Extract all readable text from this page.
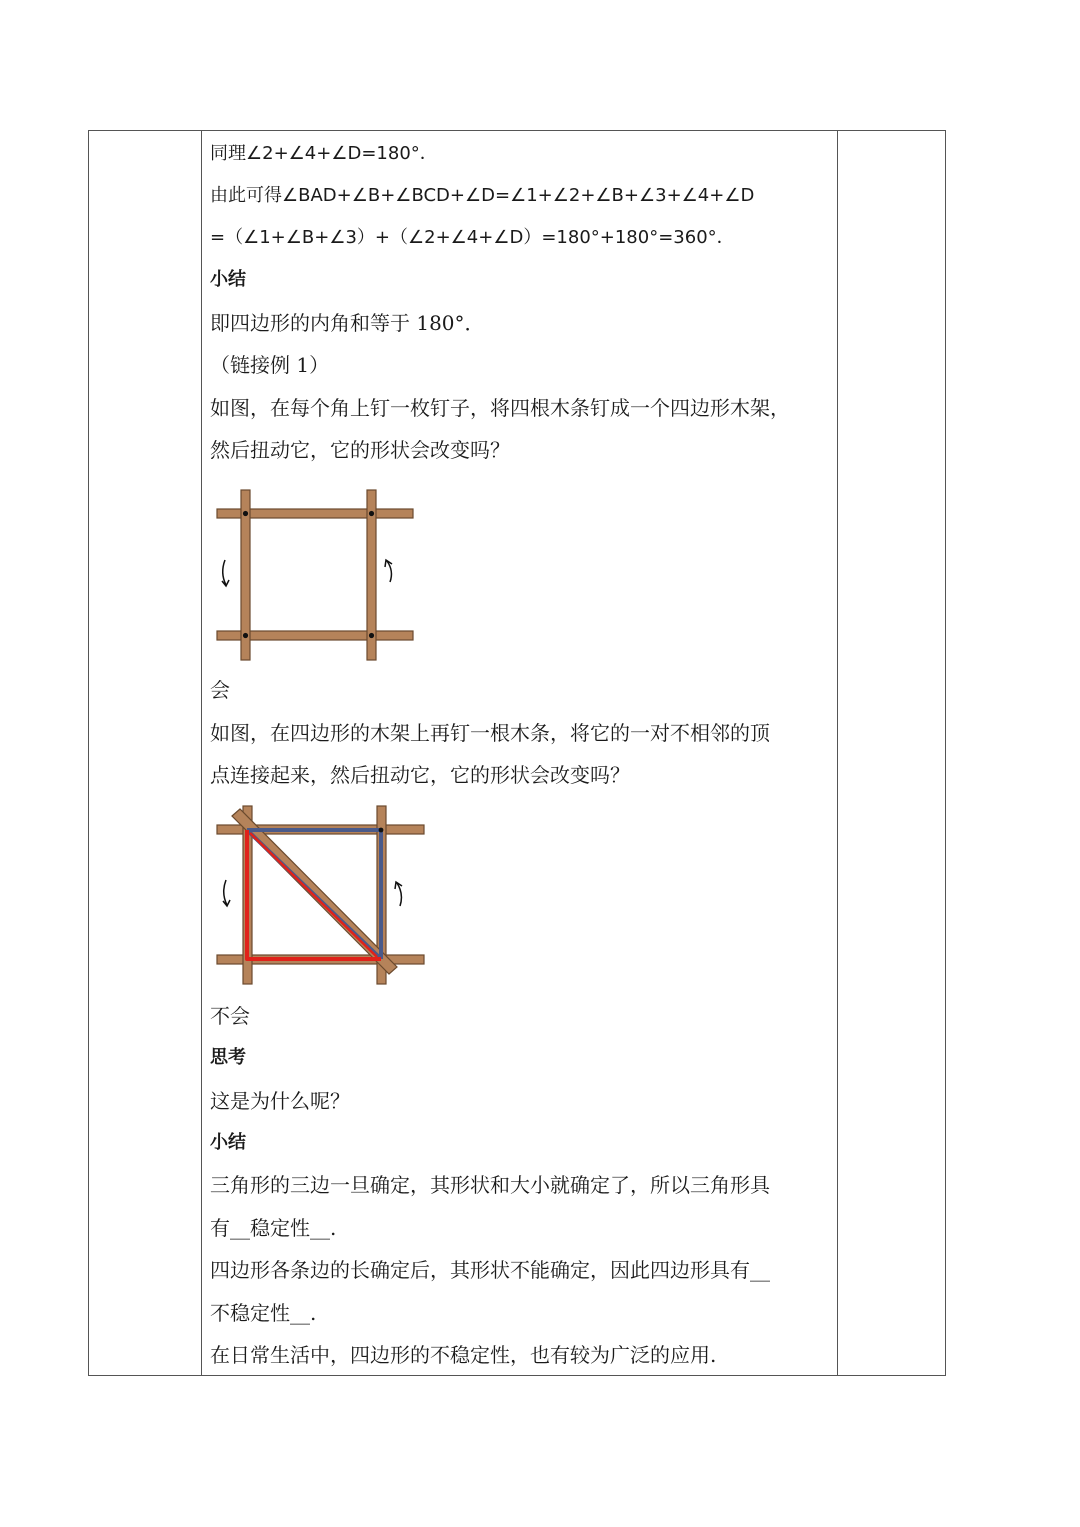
同理∠2+∠4+∠D=180°．
由此可得∠BAD+∠B+∠BCD+∠D=∠1+∠2+∠B+∠3+∠4+∠D
=（∠1+∠B+∠3）+（∠2+∠4+∠D）=180°+180°=360°．
小结
即四边形的内角和等于 180°．
（链接例 1）
如图，在每个角上钉一枚钉子，将四根木条钉成一个四边形木架，
然后扭动它，它的形状会改变吗？
会
如图，在四边形的木架上再钉一根木条，将它的一对不相邻的顶
点连接起来，然后扭动它，它的形状会改变吗？
不会
思考
这是为什么呢？
小结
三角形的三边一旦确定，其形状和大小就确定了，所以三角形具
有__稳定性__.
四边形各条边的长确定后，其形状不能确定，因此四边形具有__
不稳定性__.
在日常生活中，四边形的不稳定性，也有较为广泛的应用.
